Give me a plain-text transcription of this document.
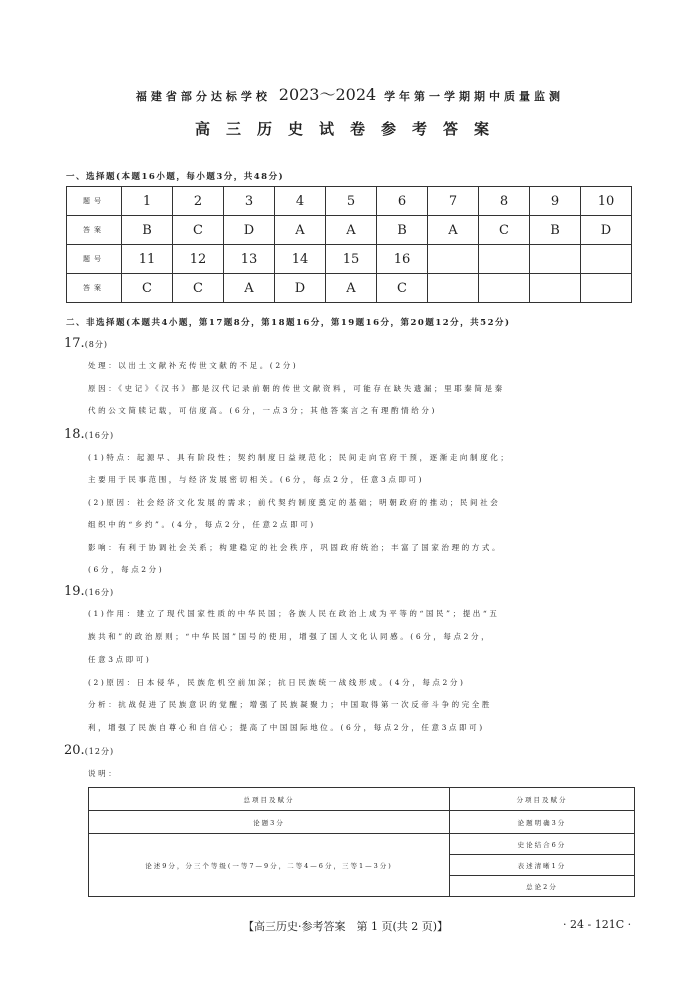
福建省部分达标学校 2023～2024 学年第一学期期中质量监测
高三历史试卷参考答案
一、选择题(本题16小题，每小题3分，共48分)
题号	1	2	3	4	5	6	7	8	9	10
答案	B	C	D	A	A	B	A	C	B	D
题号	11	12	13	14	15	16				
答案	C	C	A	D	A	C				
二、非选择题(本题共4小题，第17题8分，第18题16分，第19题16分，第20题12分，共52分)
17.(8分)
处理：以出土文献补充传世文献的不足。(2分)
原因：《史记》《汉书》都是汉代记录前朝的传世文献资料，可能存在缺失遗漏；里耶秦简是秦
代的公文简牍记载，可信度高。(6分，一点3分；其他答案言之有理酌情给分)
18.(16分)
(1)特点：起源早、具有阶段性；契约制度日益规范化；民间走向官府干预，逐渐走向制度化；
主要用于民事范围，与经济发展密切相关。(6分，每点2分，任意3点即可)
(2)原因：社会经济文化发展的需求；前代契约制度奠定的基础；明朝政府的推动；民间社会
组织中的“乡约”。(4分，每点2分，任意2点即可)
影响：有利于协调社会关系；构建稳定的社会秩序，巩固政府统治；丰富了国家治理的方式。
(6分，每点2分)
19.(16分)
(1)作用：建立了现代国家性质的中华民国；各族人民在政治上成为平等的“国民”；提出“五
族共和”的政治原则；“中华民国”国号的使用，增强了国人文化认同感。(6分，每点2分，
任意3点即可)
(2)原因：日本侵华，民族危机空前加深；抗日民族统一战线形成。(4分，每点2分)
分析：抗战促进了民族意识的觉醒；增强了民族凝聚力；中国取得第一次反帝斗争的完全胜
利，增强了民族自尊心和自信心；提高了中国国际地位。(6分，每点2分，任意3点即可)
20.(12分)
说明：
总项目及赋分	分项目及赋分
论题3分	论题明确3分
论述9分，分三个等级(一等7—9分，二等4—6分，三等1—3分)	史论结合6分
	表述清晰1分
	总论2分
【高三历史·参考答案　第 1 页(共 2 页)】	· 24 - 121C ·
